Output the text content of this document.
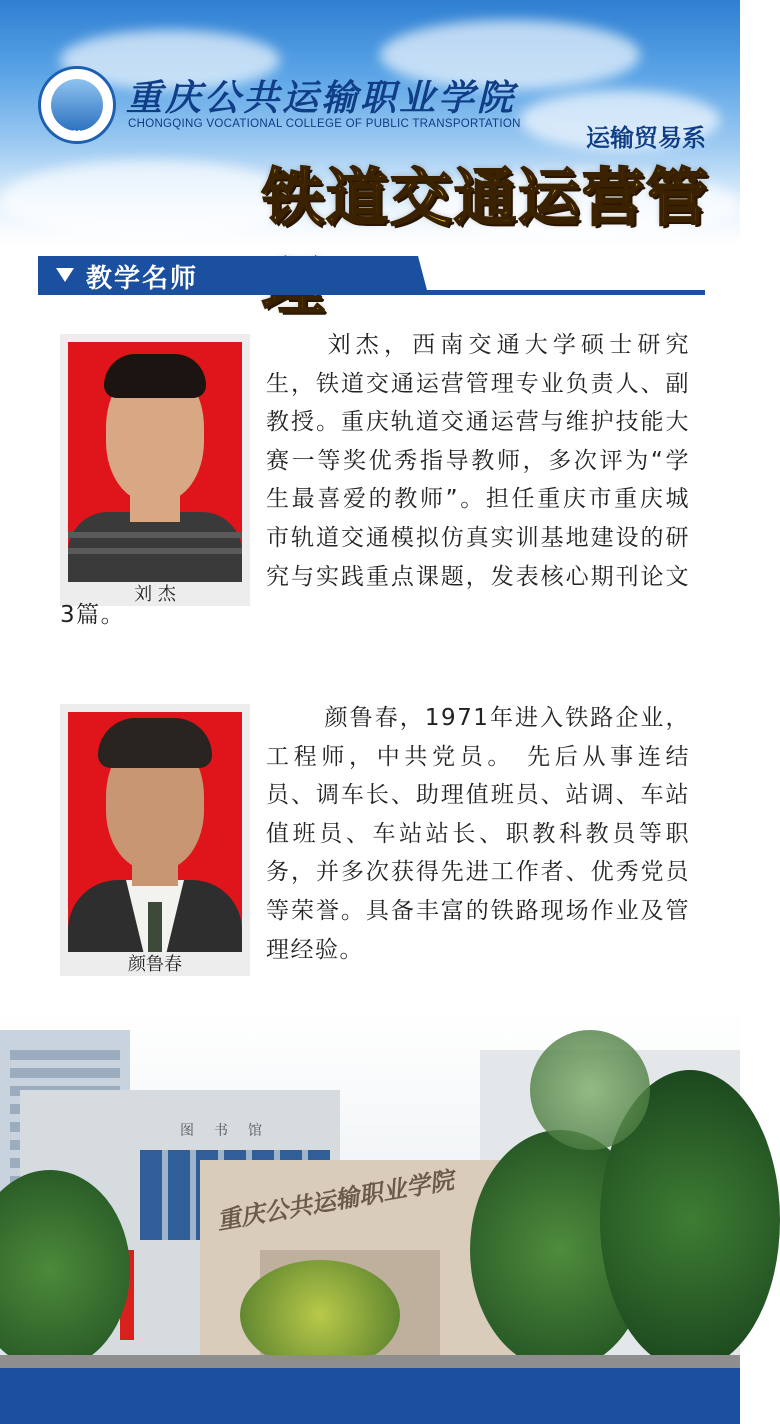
2010
重庆公共运输职业学院
CHONGQING VOCATIONAL COLLEGE OF PUBLIC TRANSPORTATION	运输贸易系
铁道交通运营管
教学名师
刘 杰
刘杰，西南交通大学硕士研究生，铁道交通运营管理专业负责人、副教授。重庆轨道交通运营与维护技能大赛一等奖优秀指导教师，多次评为“学生最喜爱的教师”。担任重庆市重庆城市轨道交通模拟仿真实训基地建设的研究与实践重点课题，发表核心期刊论文3篇。
颜鲁春
颜鲁春，1971年进入铁路企业，工程师，中共党员。 先后从事连结员、调车长、助理值班员、站调、车站值班员、车站站长、职教科教员等职务，并多次获得先进工作者、优秀党员等荣誉。具备丰富的铁路现场作业及管理经验。
图书馆
重庆公共运输职业学院
